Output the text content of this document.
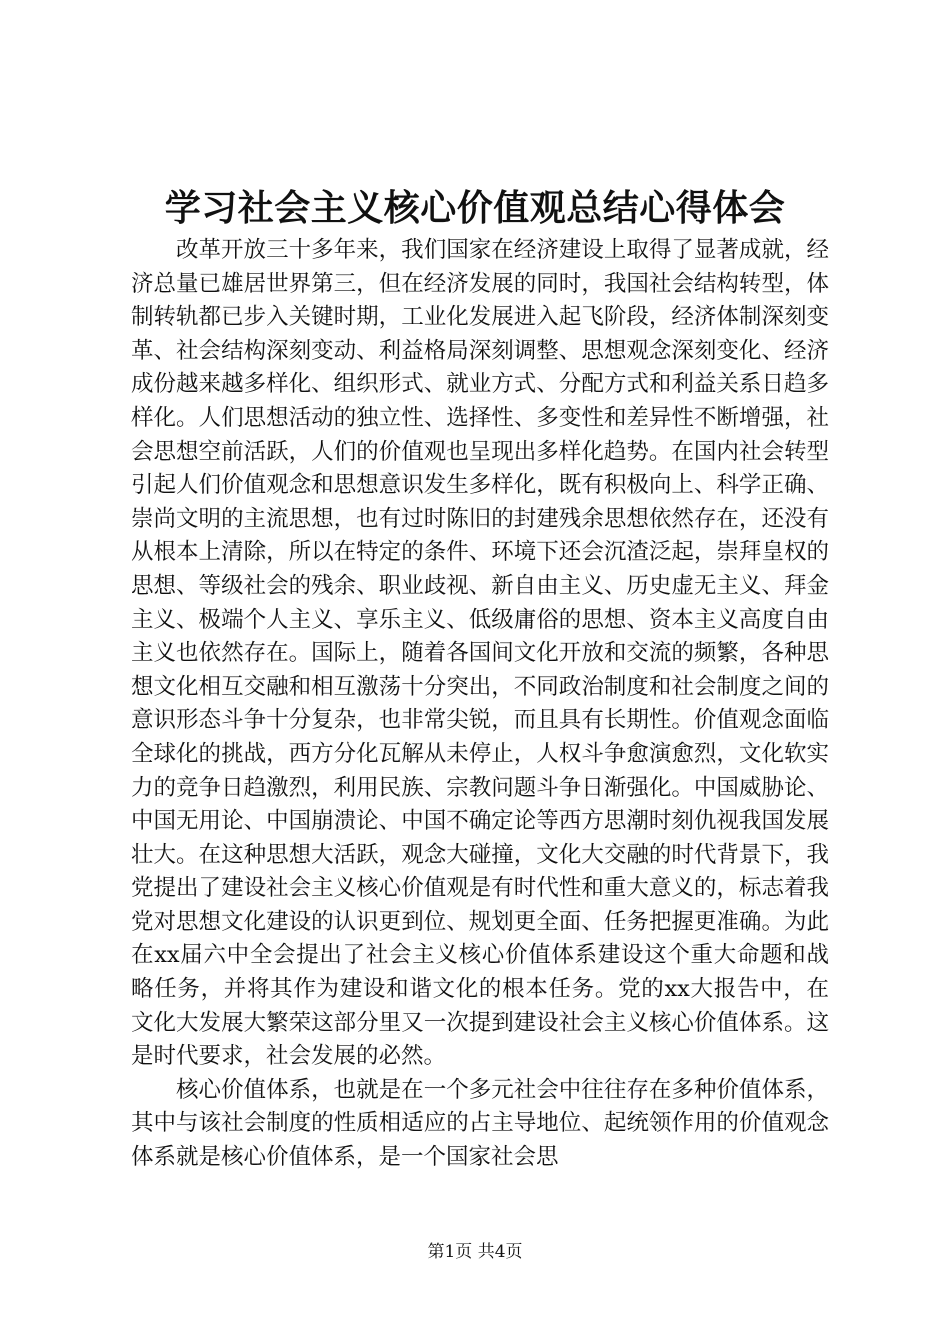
学习社会主义核心价值观总结心得体会

改革开放三十多年来，我们国家在经济建设上取得了显著成就，经济总量已雄居世界第三，但在经济发展的同时，我国社会结构转型，体制转轨都已步入关键时期，工业化发展进入起飞阶段，经济体制深刻变革、社会结构深刻变动、利益格局深刻调整、思想观念深刻变化、经济成份越来越多样化、组织形式、就业方式、分配方式和利益关系日趋多样化。人们思想活动的独立性、选择性、多变性和差异性不断增强，社会思想空前活跃，人们的价值观也呈现出多样化趋势。在国内社会转型引起人们价值观念和思想意识发生多样化，既有积极向上、科学正确、崇尚文明的主流思想，也有过时陈旧的封建残余思想依然存在，还没有从根本上清除，所以在特定的条件、环境下还会沉渣泛起，崇拜皇权的思想、等级社会的残余、职业歧视、新自由主义、历史虚无主义、拜金主义、极端个人主义、享乐主义、低级庸俗的思想、资本主义高度自由主义也依然存在。国际上，随着各国间文化开放和交流的频繁，各种思想文化相互交融和相互激荡十分突出，不同政治制度和社会制度之间的意识形态斗争十分复杂，也非常尖锐，而且具有长期性。价值观念面临全球化的挑战，西方分化瓦解从未停止，人权斗争愈演愈烈，文化软实力的竞争日趋激烈，利用民族、宗教问题斗争日渐强化。中国威胁论、中国无用论、中国崩溃论、中国不确定论等西方思潮时刻仇视我国发展壮大。在这种思想大活跃，观念大碰撞，文化大交融的时代背景下，我党提出了建设社会主义核心价值观是有时代性和重大意义的，标志着我党对思想文化建设的认识更到位、规划更全面、任务把握更准确。为此在xx届六中全会提出了社会主义核心价值体系建设这个重大命题和战略任务，并将其作为建设和谐文化的根本任务。党的xx大报告中，在文化大发展大繁荣这部分里又一次提到建设社会主义核心价值体系。这是时代要求，社会发展的必然。

核心价值体系，也就是在一个多元社会中往往存在多种价值体系，其中与该社会制度的性质相适应的占主导地位、起统领作用的价值观念体系就是核心价值体系，是一个国家社会思

第1页 共4页
